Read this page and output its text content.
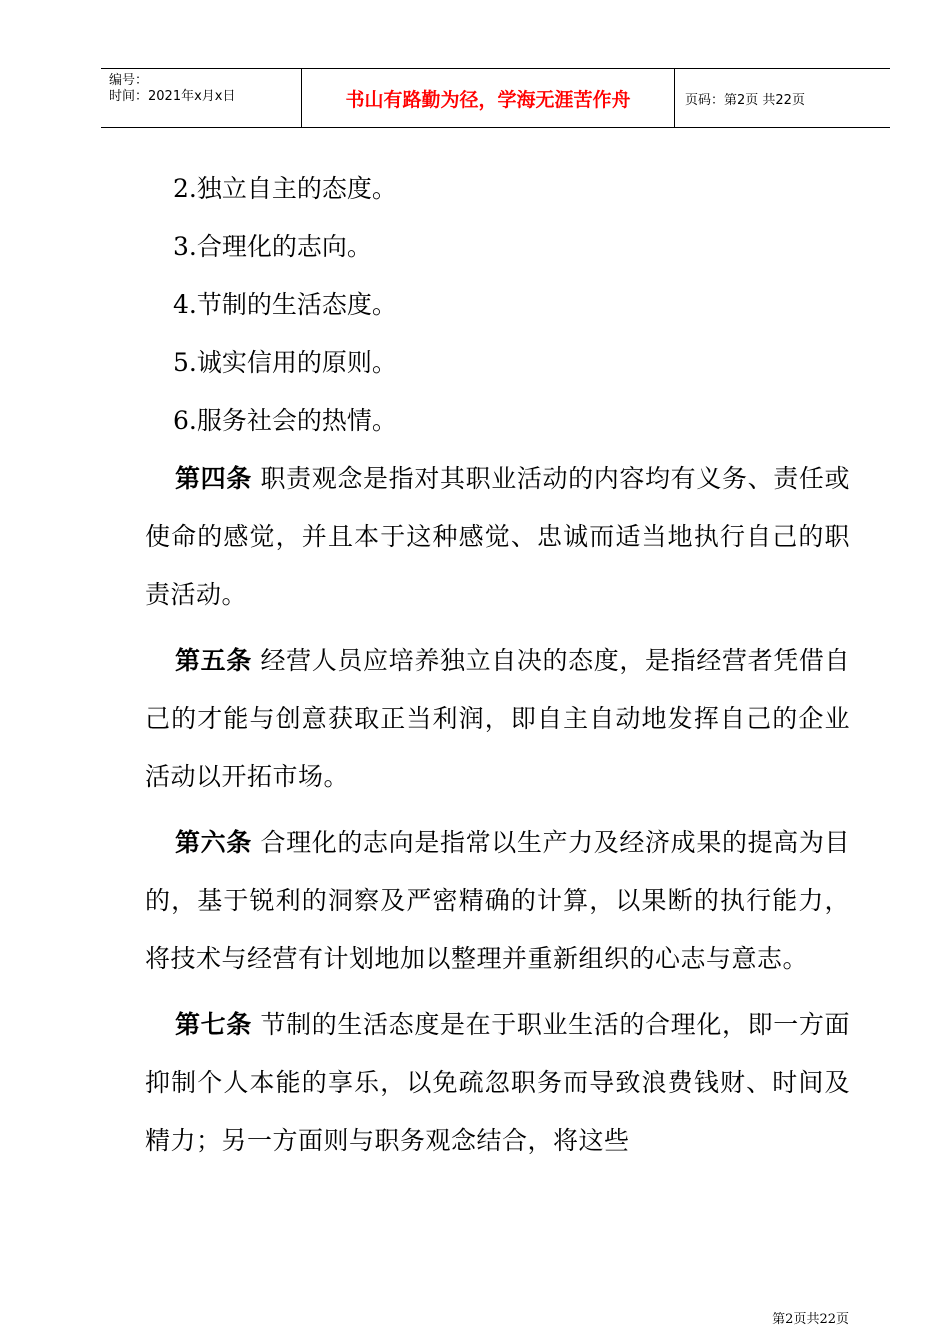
编号：
时间：2021年x月x日	书山有路勤为径，学海无涯苦作舟	页码：第2页 共22页
2.独立自主的态度。
3.合理化的志向。
4.节制的生活态度。
5.诚实信用的原则。
6.服务社会的热情。

第四条 职责观念是指对其职业活动的内容均有义务、责任或使命的感觉，并且本于这种感觉、忠诚而适当地执行自己的职责活动。

第五条 经营人员应培养独立自决的态度，是指经营者凭借自己的才能与创意获取正当利润，即自主自动地发挥自己的企业活动以开拓市场。

第六条 合理化的志向是指常以生产力及经济成果的提高为目的，基于锐利的洞察及严密精确的计算，以果断的执行能力，将技术与经营有计划地加以整理并重新组织的心志与意志。

第七条 节制的生活态度是在于职业生活的合理化，即一方面抑制个人本能的享乐，以免疏忽职务而导致浪费钱财、时间及精力；另一方面则与职务观念结合，将这些

第2页共22页
